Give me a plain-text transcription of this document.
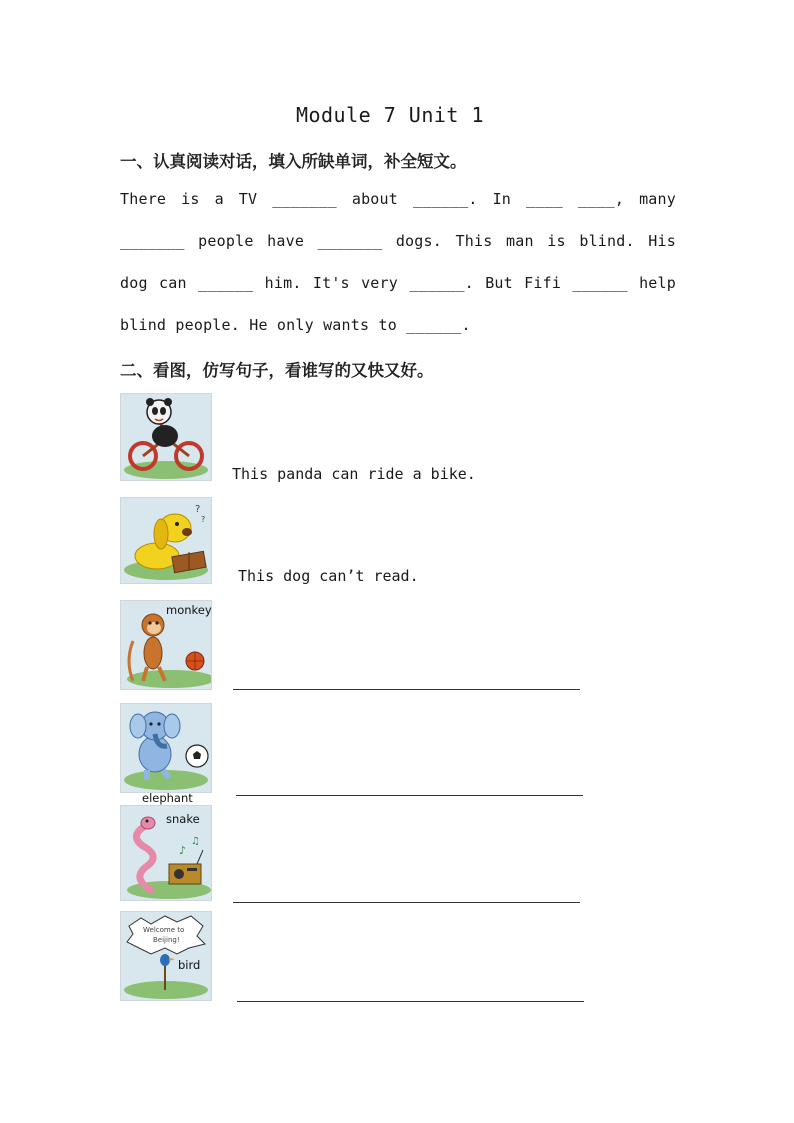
Module 7 Unit 1
一、认真阅读对话，填入所缺单词，补全短文。
There is a TV _______ about ______. In ____ ____, many
_______ people have _______ dogs. This man is blind. His
dog can ______ him. It's very ______. But Fifi ______ help
blind people. He only wants to ______.
二、看图，仿写句子，看谁写的又快又好。
This panda can ride a bike.
?
?
This dog can’t read.
monkey
elephant
♪
♫
snake
Welcome to
Beijing!
bird
